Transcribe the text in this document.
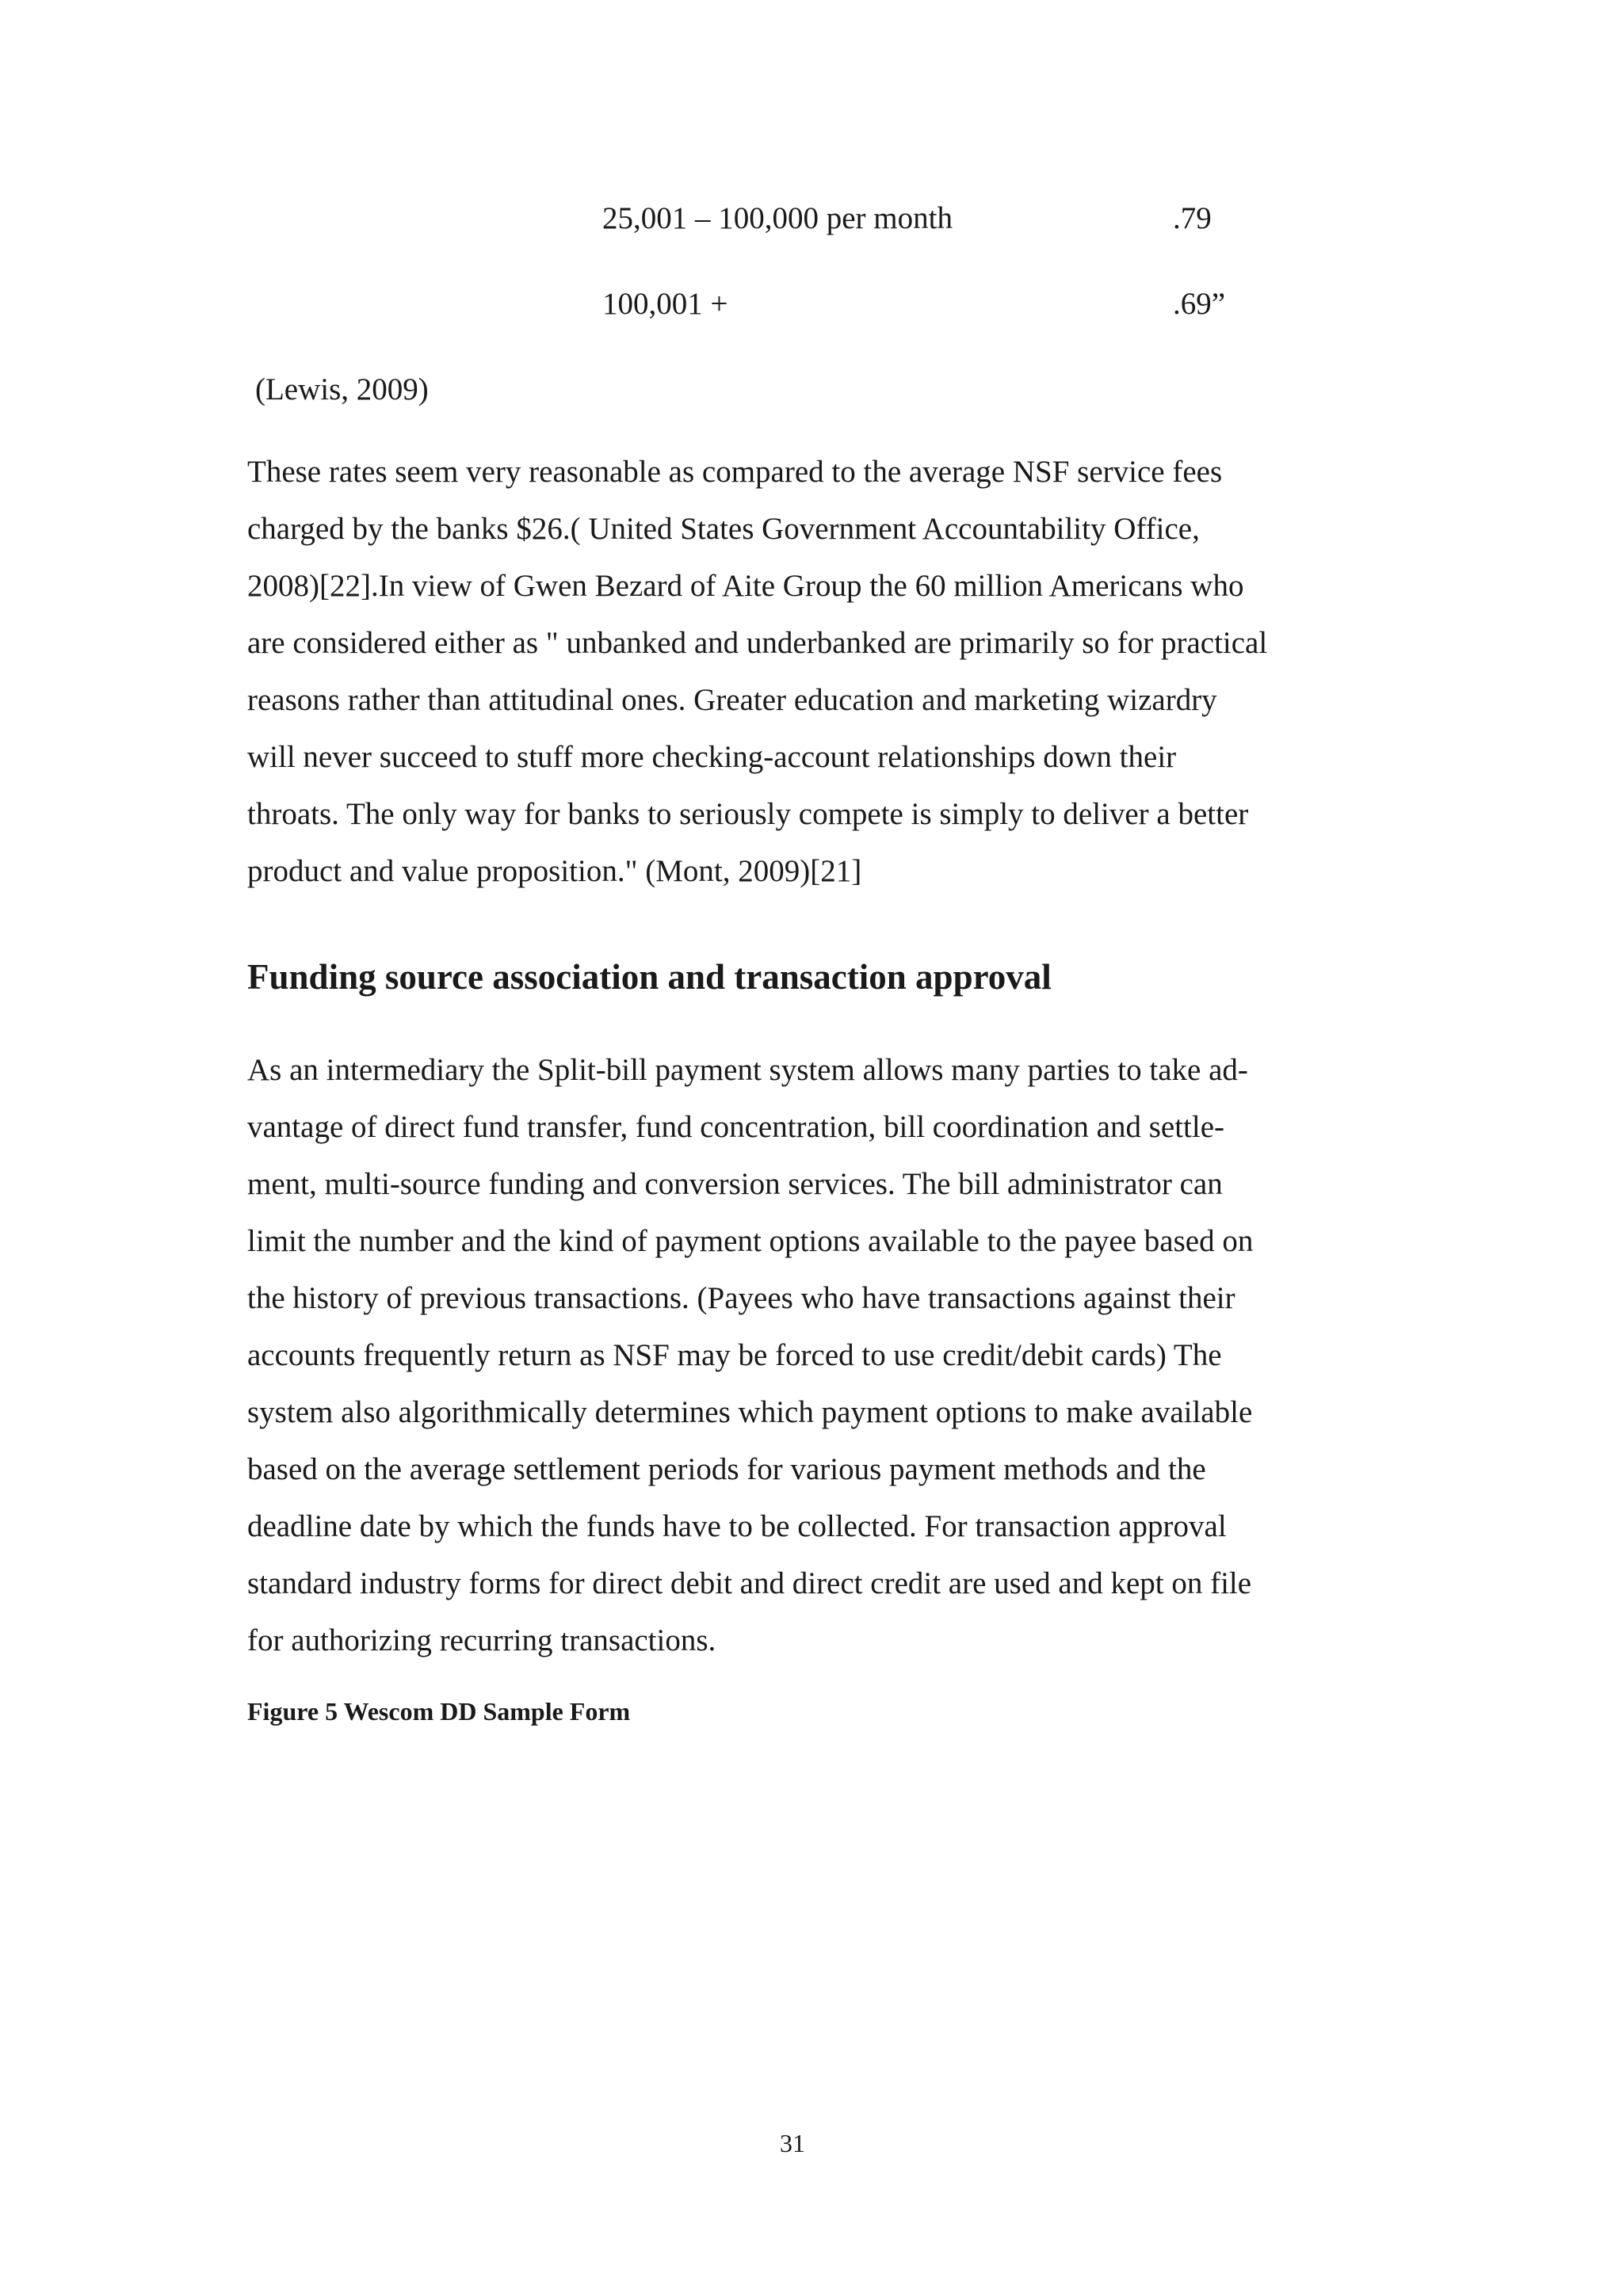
25,001 – 100,000 per month	.79
100,001 +	.69”
(Lewis, 2009)

These rates seem very reasonable as compared to the average NSF service fees
charged by the banks $26.( United States Government Accountability Office,
2008)[22].In view of Gwen Bezard of Aite Group the 60 million Americans who
are considered either as " unbanked and underbanked are primarily so for practical
reasons rather than attitudinal ones. Greater education and marketing wizardry
will never succeed to stuff more checking-account relationships down their
throats. The only way for banks to seriously compete is simply to deliver a better
product and value proposition." (Mont, 2009)[21]

Funding source association and transaction approval

As an intermediary the Split-bill payment system allows many parties to take ad-
vantage of direct fund transfer, fund concentration, bill coordination and settle-
ment, multi-source funding and conversion services. The bill administrator can
limit the number and the kind of payment options available to the payee based on
the history of previous transactions. (Payees who have transactions against their
accounts frequently return as NSF may be forced to use credit/debit cards) The
system also algorithmically determines which payment options to make available
based on the average settlement periods for various payment methods and the
deadline date by which the funds have to be collected. For transaction approval
standard industry forms for direct debit and direct credit are used and kept on file
for authorizing recurring transactions.

Figure 5 Wescom DD Sample Form
31
